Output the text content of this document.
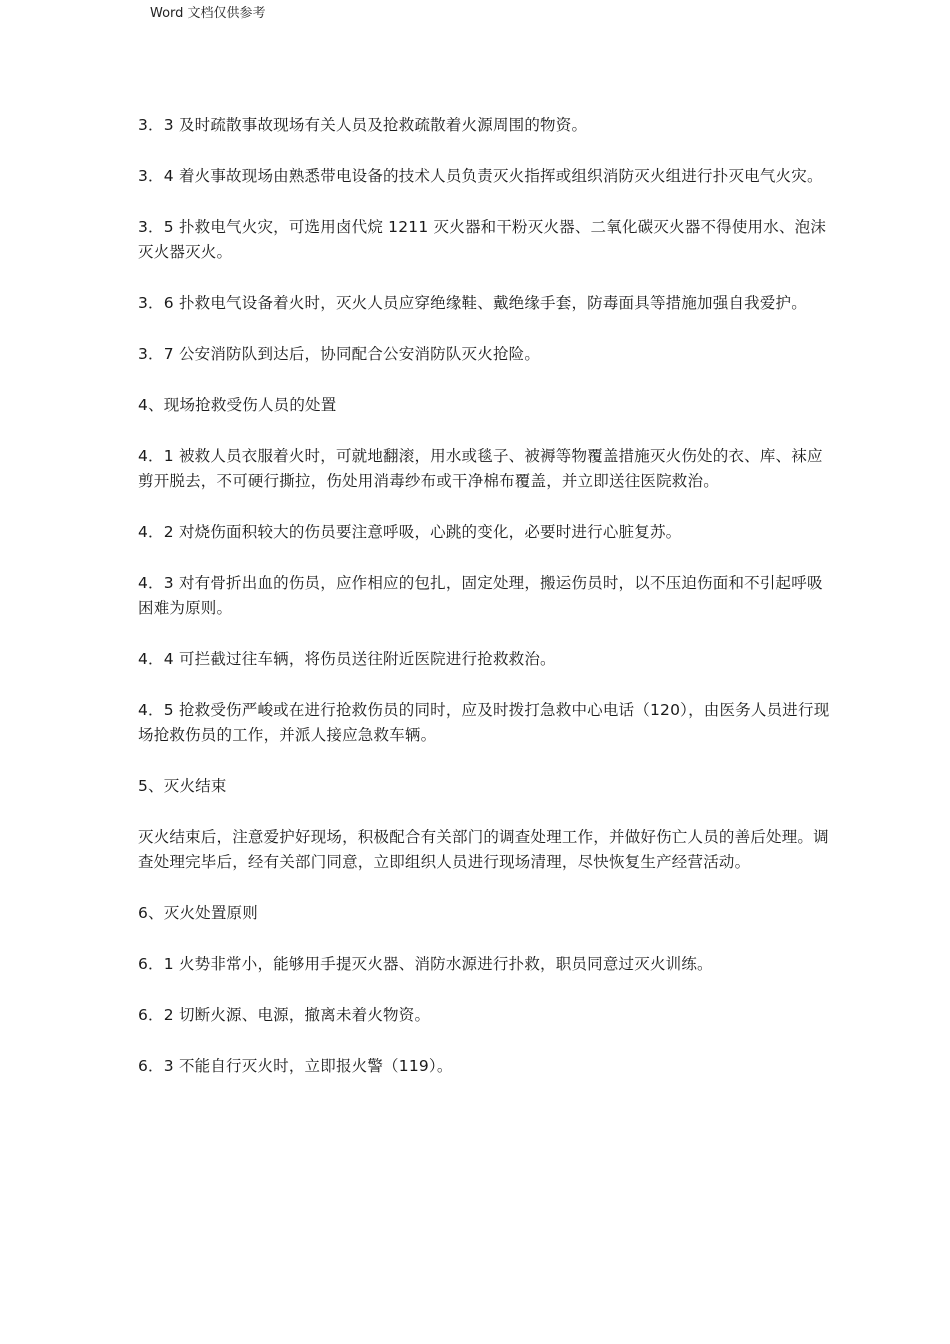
Word 文档仅供参考

3．3 及时疏散事故现场有关人员及抢救疏散着火源周围的物资。

3．4 着火事故现场由熟悉带电设备的技术人员负责灭火指挥或组织消防灭火组进行扑灭电气火灾。

3．5 扑救电气火灾，可选用卤代烷 1211 灭火器和干粉灭火器、二氧化碳灭火器不得使用水、泡沫灭火器灭火。

3．6 扑救电气设备着火时，灭火人员应穿绝缘鞋、戴绝缘手套，防毒面具等措施加强自我爱护。

3．7 公安消防队到达后，协同配合公安消防队灭火抢险。

4、现场抢救受伤人员的处置

4．1 被救人员衣服着火时，可就地翻滚，用水或毯子、被褥等物覆盖措施灭火伤处的衣、库、袜应剪开脱去，不可硬行撕拉，伤处用消毒纱布或干净棉布覆盖，并立即送往医院救治。

4．2 对烧伤面积较大的伤员要注意呼吸，心跳的变化，必要时进行心脏复苏。

4．3 对有骨折出血的伤员，应作相应的包扎，固定处理，搬运伤员时，以不压迫伤面和不引起呼吸困难为原则。

4．4 可拦截过往车辆，将伤员送往附近医院进行抢救救治。

4．5 抢救受伤严峻或在进行抢救伤员的同时，应及时拨打急救中心电话（120），由医务人员进行现场抢救伤员的工作，并派人接应急救车辆。

5、灭火结束

灭火结束后，注意爱护好现场，积极配合有关部门的调查处理工作，并做好伤亡人员的善后处理。调查处理完毕后，经有关部门同意，立即组织人员进行现场清理，尽快恢复生产经营活动。

6、灭火处置原则

6．1 火势非常小，能够用手提灭火器、消防水源进行扑救，职员同意过灭火训练。

6．2 切断火源、电源，撤离未着火物资。

6．3 不能自行灭火时，立即报火警（119）。
